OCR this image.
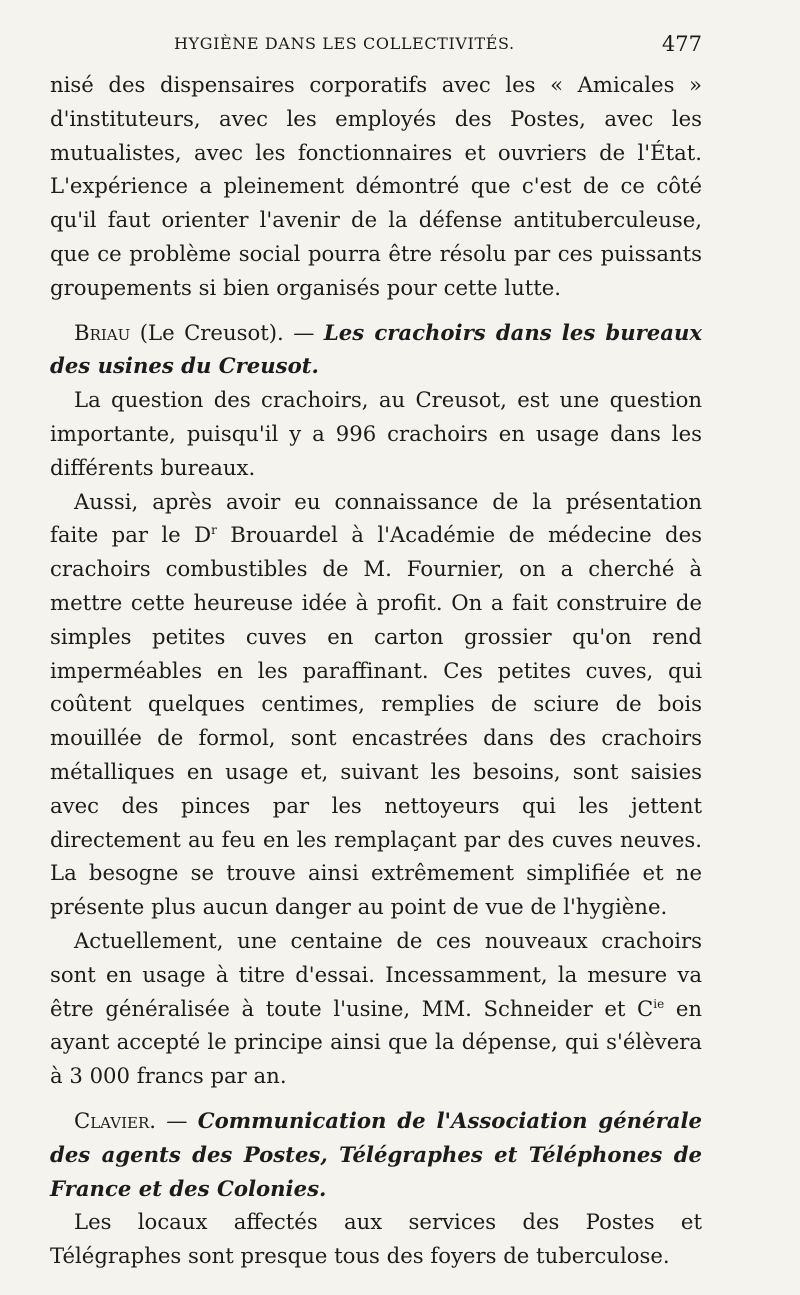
HYGIÈNE DANS LES COLLECTIVITÉS.	477

nisé des dispensaires corporatifs avec les « Amicales » d'instituteurs, avec les employés des Postes, avec les mutualistes, avec les fonctionnaires et ouvriers de l'État. L'expérience a pleinement démontré que c'est de ce côté qu'il faut orienter l'avenir de la défense antituberculeuse, que ce problème social pourra être résolu par ces puissants groupements si bien organisés pour cette lutte.

Briau (Le Creusot). — Les crachoirs dans les bureaux des usines du Creusot.

La question des crachoirs, au Creusot, est une question importante, puisqu'il y a 996 crachoirs en usage dans les différents bureaux.

Aussi, après avoir eu connaissance de la présentation faite par le $D^r$ Brouardel à l'Académie de médecine des crachoirs combustibles de M. Fournier, on a cherché à mettre cette heureuse idée à profit. On a fait construire de simples petites cuves en carton grossier qu'on rend imperméables en les paraffinant. Ces petites cuves, qui coûtent quelques centimes, remplies de sciure de bois mouillée de formol, sont encastrées dans des crachoirs métalliques en usage et, suivant les besoins, sont saisies avec des pinces par les nettoyeurs qui les jettent directement au feu en les remplaçant par des cuves neuves. La besogne se trouve ainsi extrêmement simplifiée et ne présente plus aucun danger au point de vue de l'hygiène.

Actuellement, une centaine de ces nouveaux crachoirs sont en usage à titre d'essai. Incessamment, la mesure va être généralisée à toute l'usine, MM. Schneider et $C^{ie}$ en ayant accepté le principe ainsi que la dépense, qui s'élèvera à 3 000 francs par an.

Clavier. — Communication de l'Association générale des agents des Postes, Télégraphes et Téléphones de France et des Colonies.

Les locaux affectés aux services des Postes et Télégraphes sont presque tous des foyers de tuberculose.
